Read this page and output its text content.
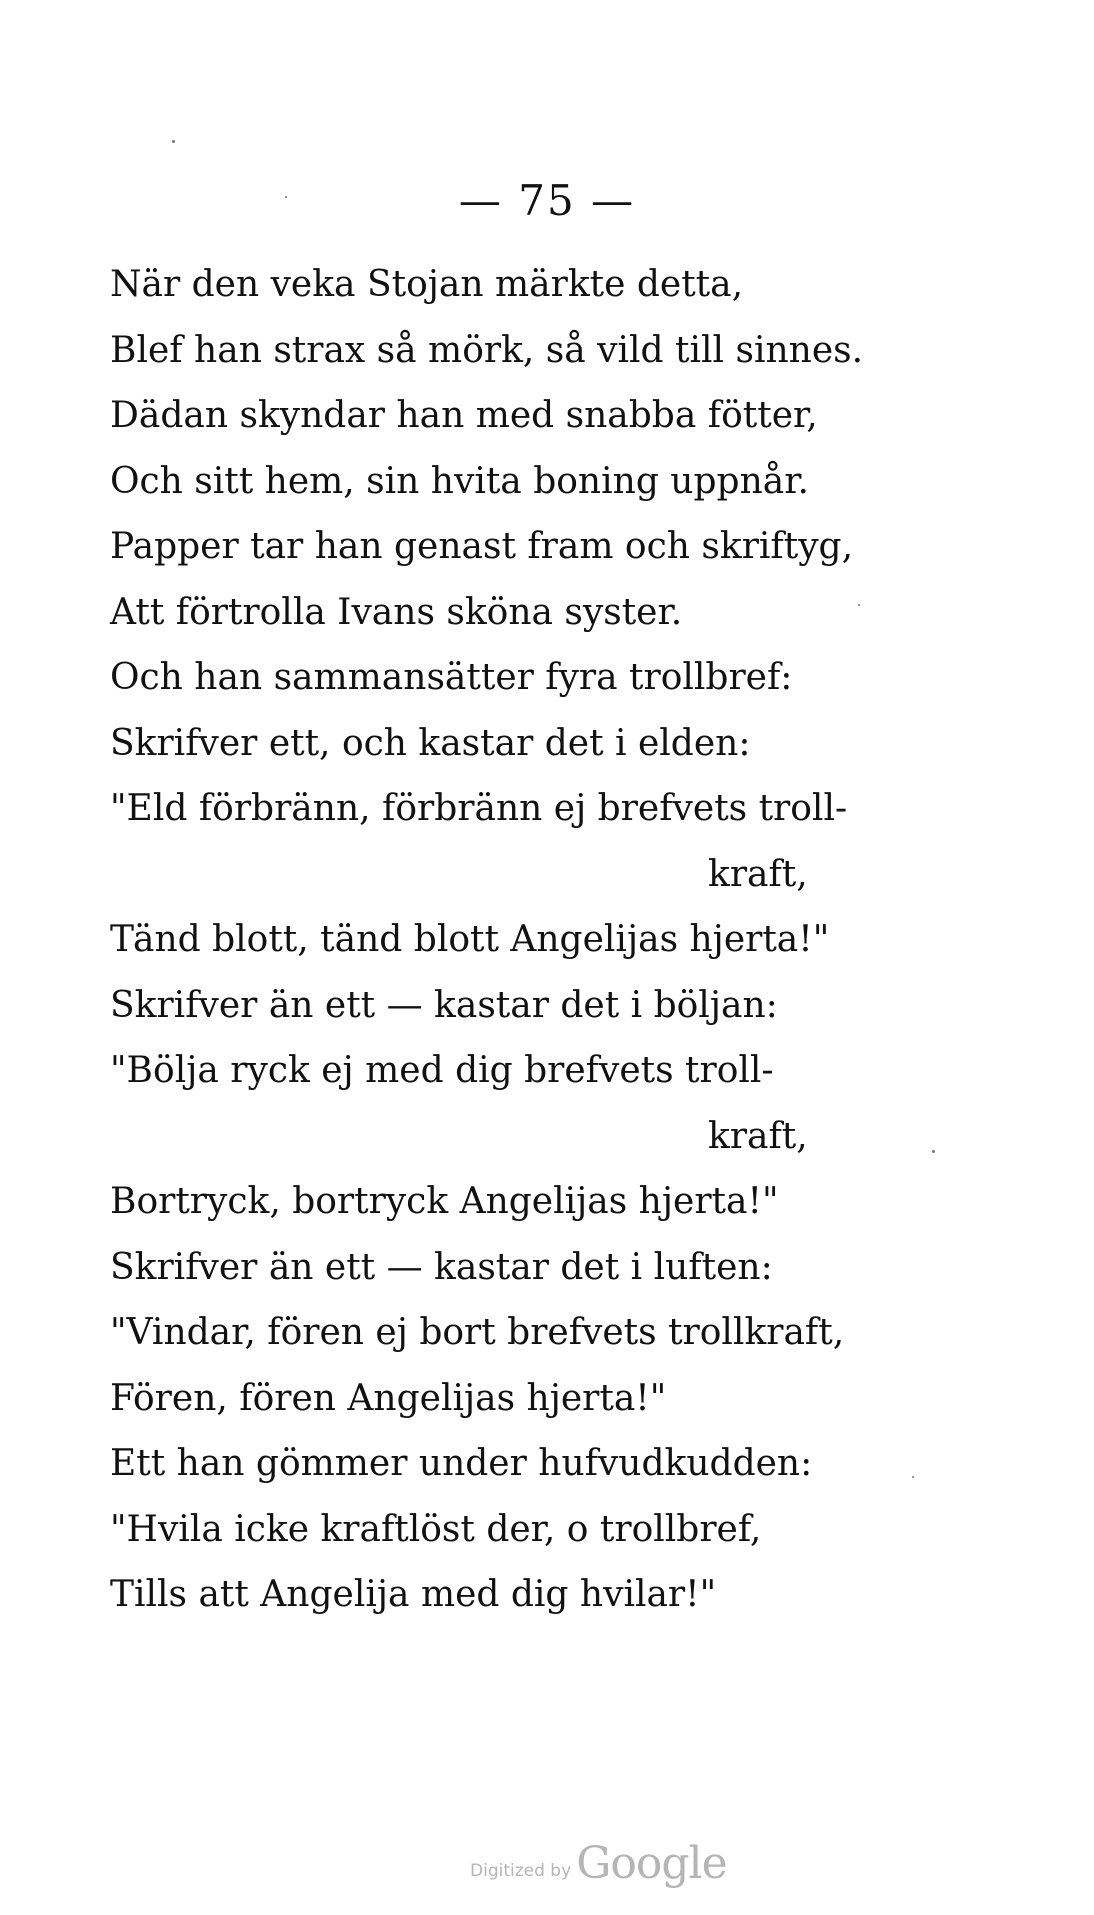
— 75 —
När den veka Stojan märkte detta,
Blef han strax så mörk, så vild till sinnes.
Dädan skyndar han med snabba fötter,
Och sitt hem, sin hvita boning uppnår.
Papper tar han genast fram och skriftyg,
Att förtrolla Ivans sköna syster.
Och han sammansätter fyra trollbref:
Skrifver ett, och kastar det i elden:
"Eld förbränn, förbränn ej brefvets troll-
kraft,
Tänd blott, tänd blott Angelijas hjerta!"
Skrifver än ett — kastar det i böljan:
"Bölja ryck ej med dig brefvets troll-
kraft,
Bortryck, bortryck Angelijas hjerta!"
Skrifver än ett — kastar det i luften:
"Vindar, fören ej bort brefvets trollkraft,
Fören, fören Angelijas hjerta!"
Ett han gömmer under hufvudkudden:
"Hvila icke kraftlöst der, o trollbref,
Tills att Angelija med dig hvilar!"
Digitized by Google
